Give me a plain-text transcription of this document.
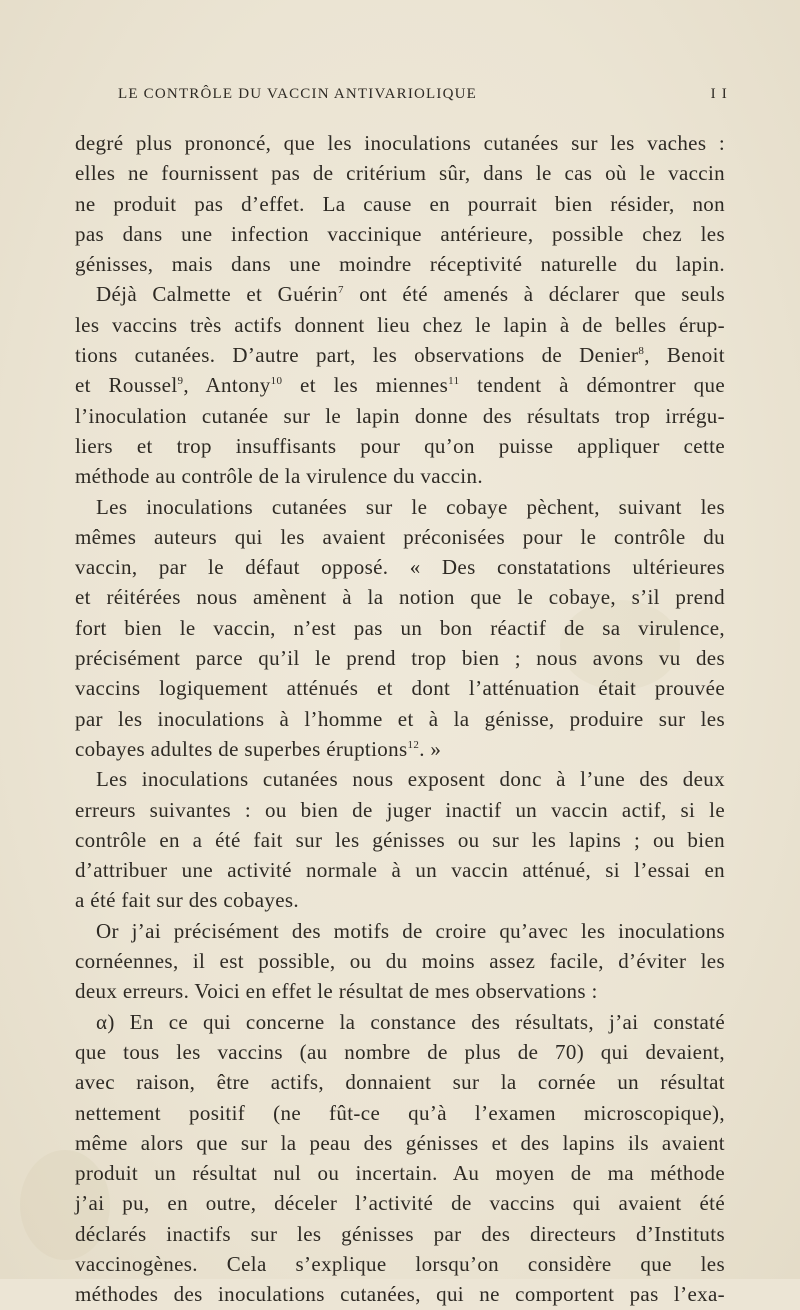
LE CONTRÔLE DU VACCIN ANTIVARIOLIQUE	I I
degré plus prononcé, que les inoculations cutanées sur les vaches :
elles ne fournissent pas de critérium sûr, dans le cas où le vaccin
ne produit pas d’effet. La cause en pourrait bien résider, non
pas dans une infection vaccinique antérieure, possible chez les
génisses, mais dans une moindre réceptivité naturelle du lapin.
Déjà Calmette et Guérin$^7$ ont été amenés à déclarer que seuls
les vaccins très actifs donnent lieu chez le lapin à de belles érup-
tions cutanées. D’autre part, les observations de Denier$^8$, Benoit
et Roussel$^9$, Antony$^{10}$ et les miennes$^{11}$ tendent à démontrer que
l’inoculation cutanée sur le lapin donne des résultats trop irrégu-
liers et trop insuffisants pour qu’on puisse appliquer cette
méthode au contrôle de la virulence du vaccin.
Les inoculations cutanées sur le cobaye pèchent, suivant les
mêmes auteurs qui les avaient préconisées pour le contrôle du
vaccin, par le défaut opposé. « Des constatations ultérieures
et réitérées nous amènent à la notion que le cobaye, s’il prend
fort bien le vaccin, n’est pas un bon réactif de sa virulence,
précisément parce qu’il le prend trop bien ; nous avons vu des
vaccins logiquement atténués et dont l’atténuation était prouvée
par les inoculations à l’homme et à la génisse, produire sur les
cobayes adultes de superbes éruptions$^{12}$. »
Les inoculations cutanées nous exposent donc à l’une des deux
erreurs suivantes : ou bien de juger inactif un vaccin actif, si le
contrôle en a été fait sur les génisses ou sur les lapins ; ou bien
d’attribuer une activité normale à un vaccin atténué, si l’essai en
a été fait sur des cobayes.
Or j’ai précisément des motifs de croire qu’avec les inoculations
cornéennes, il est possible, ou du moins assez facile, d’éviter les
deux erreurs. Voici en effet le résultat de mes observations :
α) En ce qui concerne la constance des résultats, j’ai constaté
que tous les vaccins (au nombre de plus de 70) qui devaient,
avec raison, être actifs, donnaient sur la cornée un résultat
nettement positif (ne fût-ce qu’à l’examen microscopique),
même alors que sur la peau des génisses et des lapins ils avaient
produit un résultat nul ou incertain. Au moyen de ma méthode
j’ai pu, en outre, déceler l’activité de vaccins qui avaient été
déclarés inactifs sur les génisses par des directeurs d’Instituts
vaccinogènes. Cela s’explique lorsqu’on considère que les
méthodes des inoculations cutanées, qui ne comportent pas l’exa-
